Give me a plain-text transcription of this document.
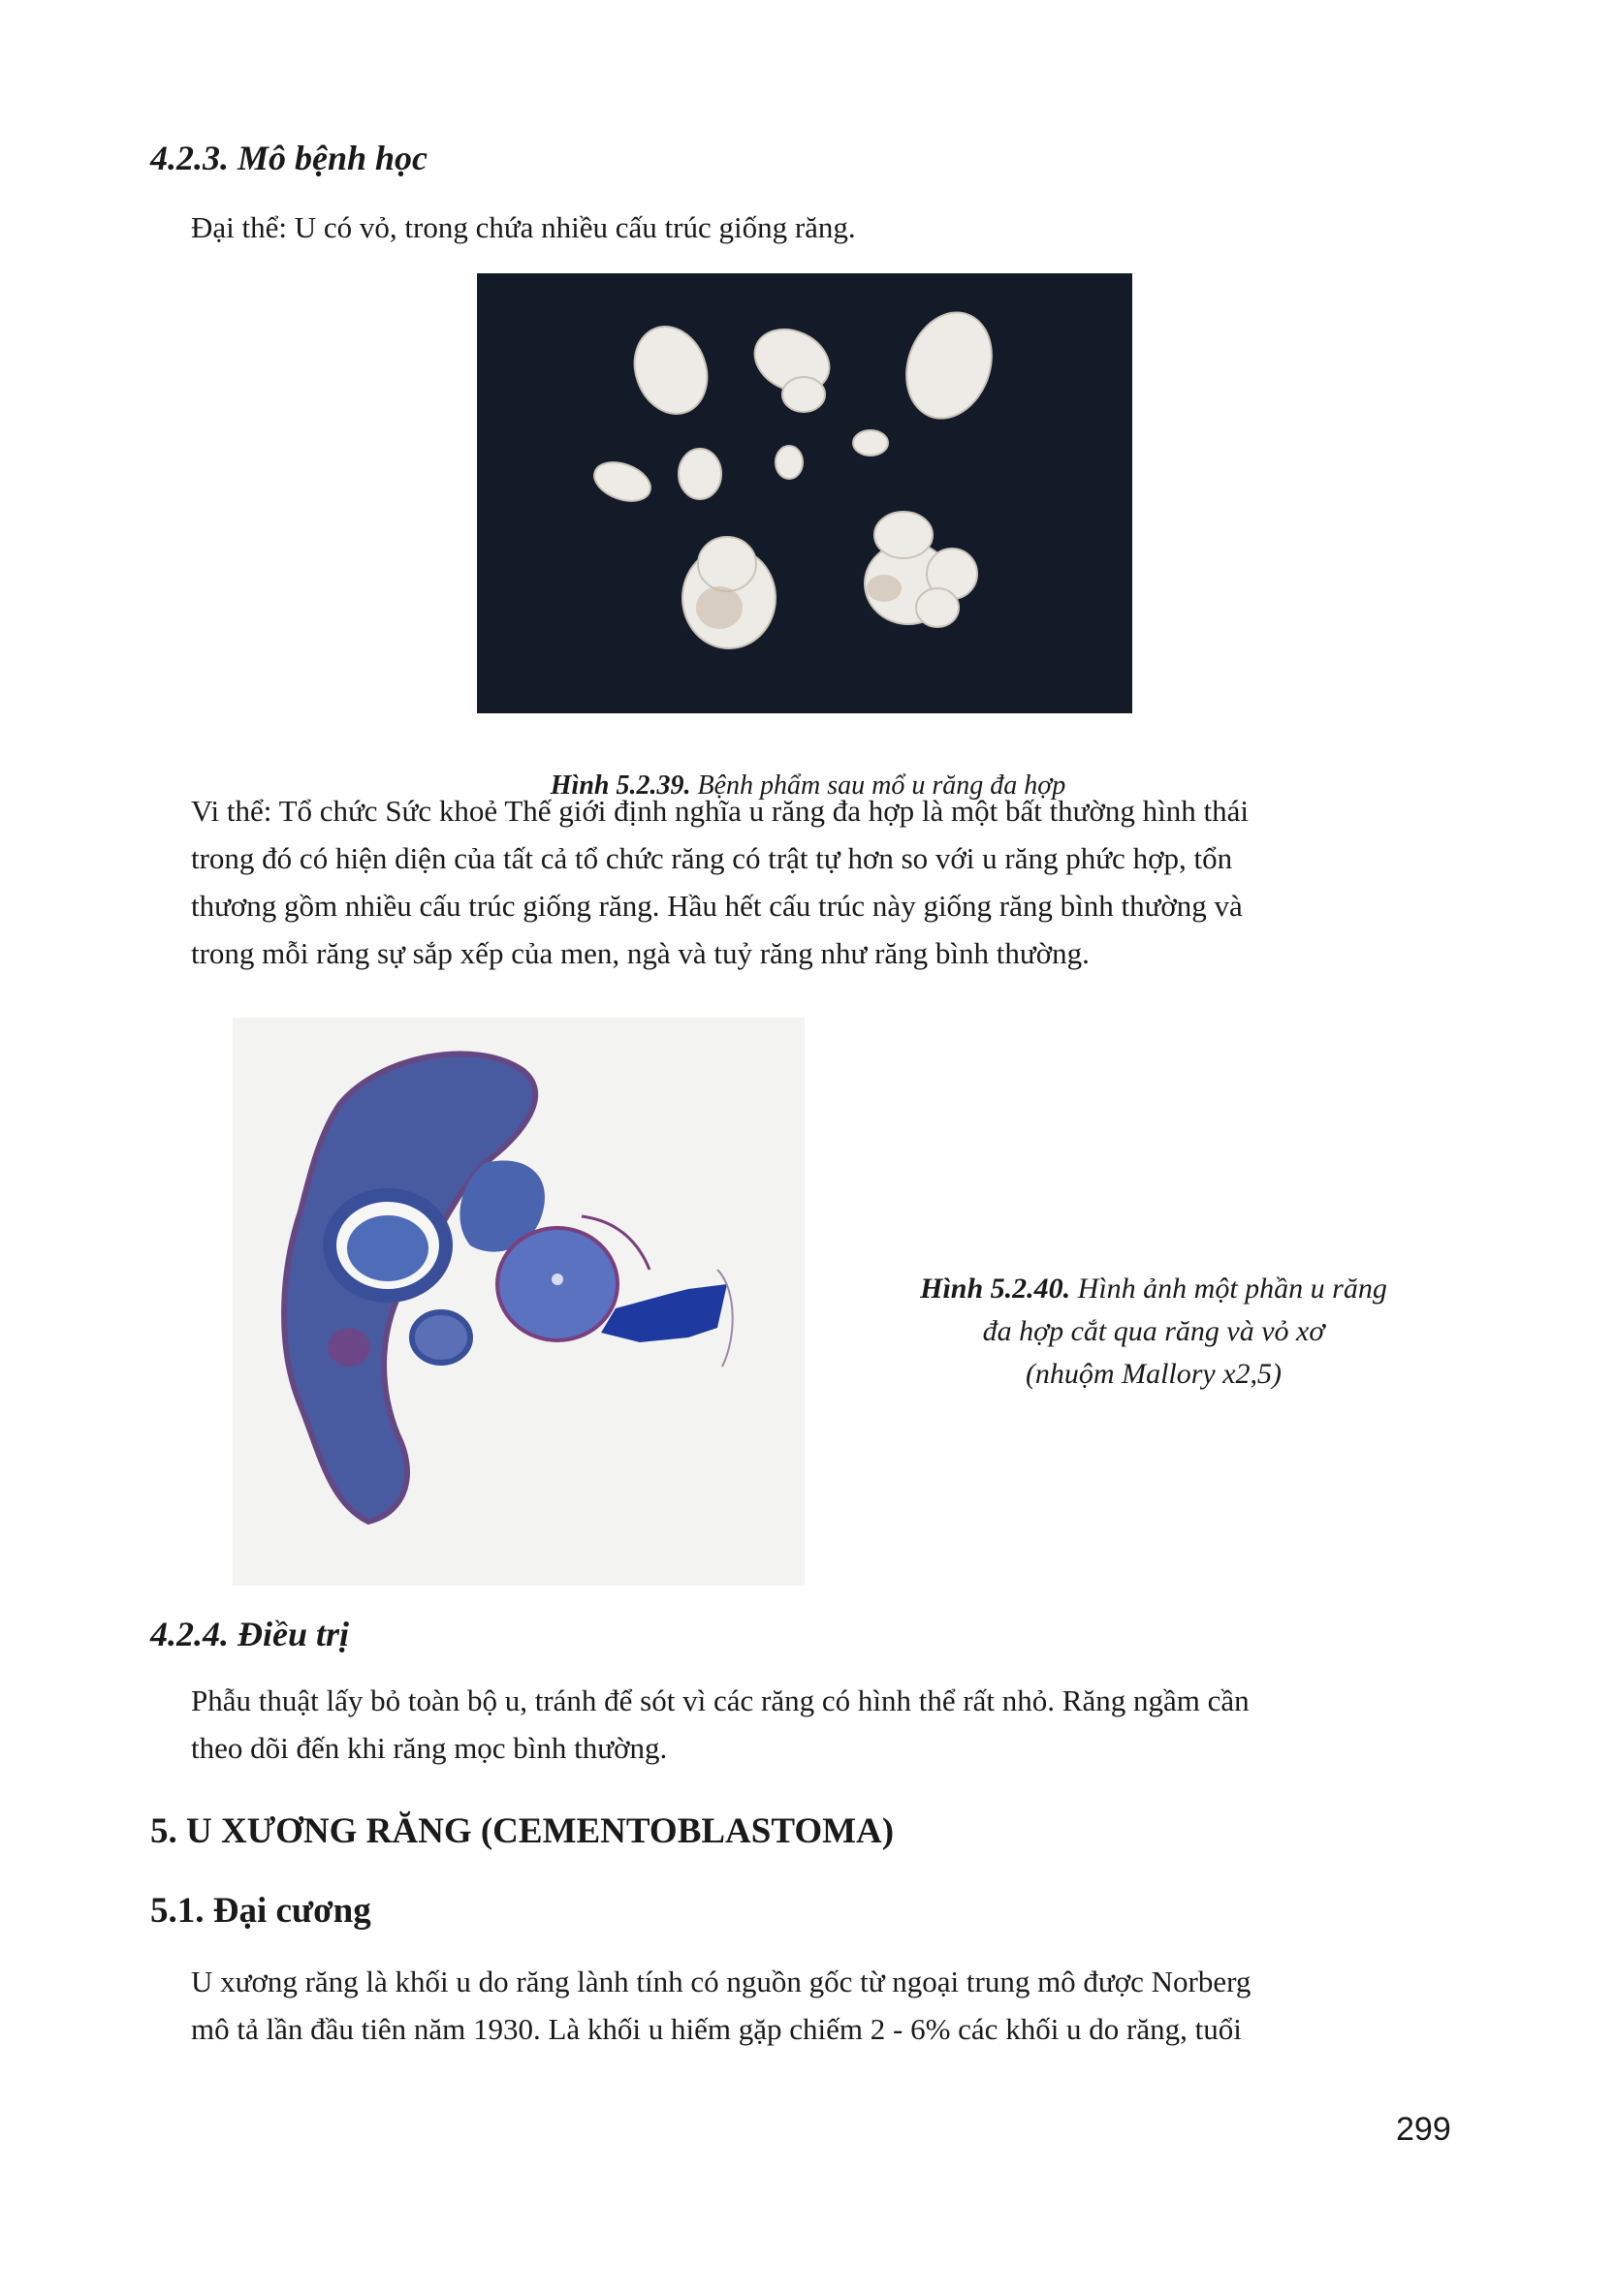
4.2.3. Mô bệnh học

Đại thể: U có vỏ, trong chứa nhiều cấu trúc giống răng.

Hình 5.2.39. Bệnh phẩm sau mổ u răng đa hợp

Vi thể: Tổ chức Sức khoẻ Thế giới định nghĩa u răng đa hợp là một bất thường hình thái

trong đó có hiện diện của tất cả tổ chức răng có trật tự hơn so với u răng phức hợp, tổn

thương gồm nhiều cấu trúc giống răng. Hầu hết cấu trúc này giống răng bình thường và

trong mỗi răng sự sắp xếp của men, ngà và tuỷ răng như răng bình thường.

Hình 5.2.40. Hình ảnh một phần u răng
đa hợp cắt qua răng và vỏ xơ
(nhuộm Mallory x2,5)

4.2.4. Điều trị

Phẫu thuật lấy bỏ toàn bộ u, tránh để sót vì các răng có hình thể rất nhỏ. Răng ngầm cần

theo dõi đến khi răng mọc bình thường.

5. U XƯƠNG RĂNG (CEMENTOBLASTOMA)
5.1. Đại cương

U xương răng là khối u do răng lành tính có nguồn gốc từ ngoại trung mô được Norberg

mô tả lần đầu tiên năm 1930. Là khối u hiếm gặp chiếm 2 - 6% các khối u do răng, tuổi

299
